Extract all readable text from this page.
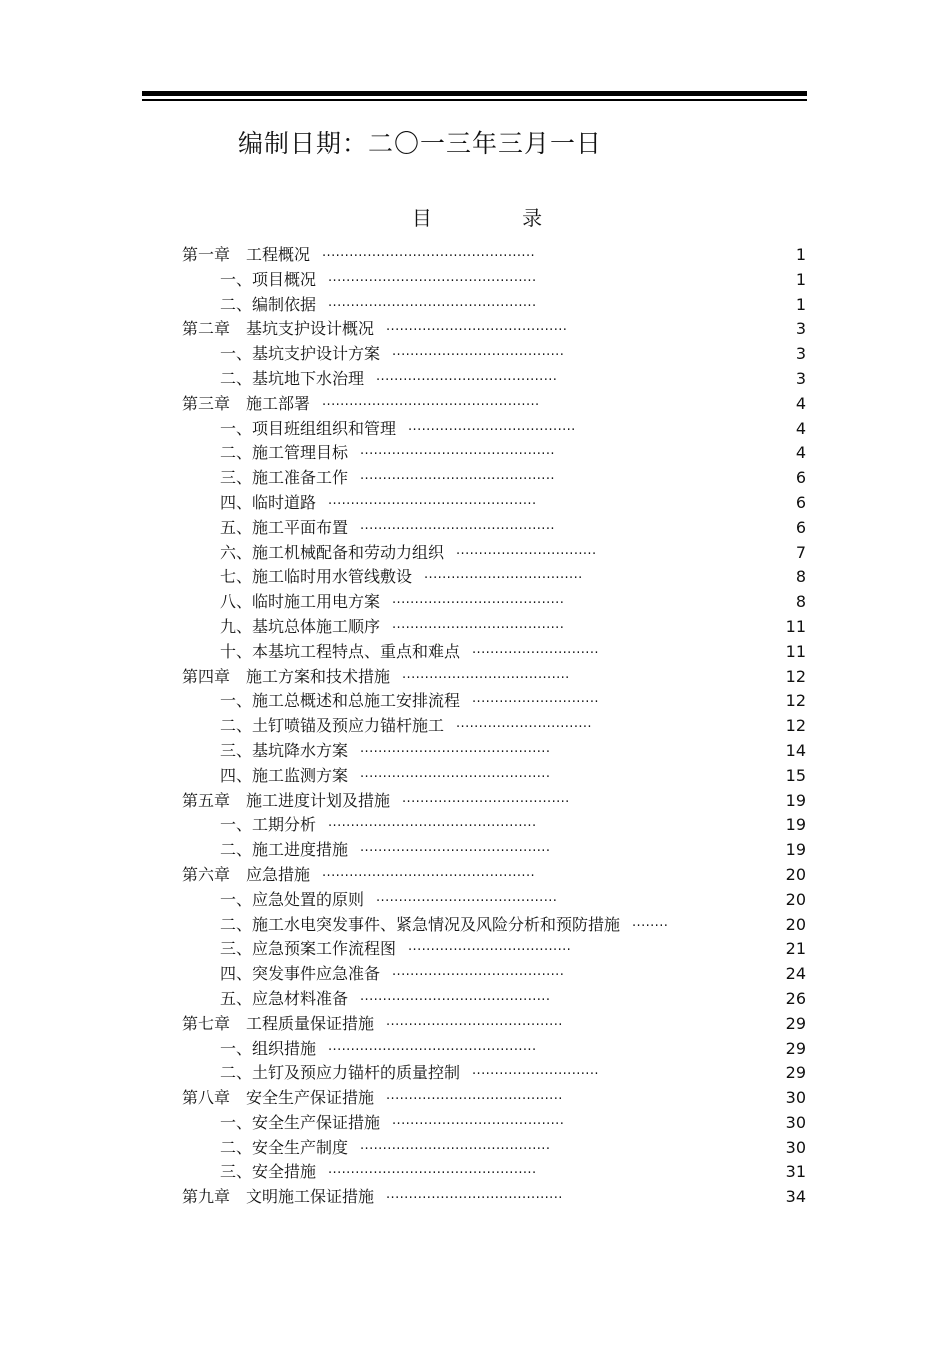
编制日期：二〇一三年三月一日
目 录
第一章　工程概况 ...............................................	1
一、项目概况 ..............................................	1
二、编制依据 ..............................................	1
第二章　基坑支护设计概况 ........................................	3
一、基坑支护设计方案 ......................................	3
二、基坑地下水治理 ........................................	3
第三章　施工部署 ................................................	4
一、项目班组组织和管理 .....................................	4
二、施工管理目标 ...........................................	4
三、施工准备工作 ...........................................	6
四、临时道路 ..............................................	6
五、施工平面布置 ...........................................	6
六、施工机械配备和劳动力组织 ...............................	7
七、施工临时用水管线敷设 ...................................	8
八、临时施工用电方案 ......................................	8
九、基坑总体施工顺序 ......................................	11
十、本基坑工程特点、重点和难点 ............................	11
第四章　施工方案和技术措施 .....................................	12
一、施工总概述和总施工安排流程 ............................	12
二、土钉喷锚及预应力锚杆施工 ..............................	12
三、基坑降水方案 ..........................................	14
四、施工监测方案 ..........................................	15
第五章　施工进度计划及措施 .....................................	19
一、工期分析 ..............................................	19
二、施工进度措施 ..........................................	19
第六章　应急措施 ...............................................	20
一、应急处置的原则 ........................................	20
二、施工水电突发事件、紧急情况及风险分析和预防措施 ........	20
三、应急预案工作流程图 ....................................	21
四、突发事件应急准备 ......................................	24
五、应急材料准备 ..........................................	26
第七章　工程质量保证措施 .......................................	29
一、组织措施 ..............................................	29
二、土钉及预应力锚杆的质量控制 ............................	29
第八章　安全生产保证措施 .......................................	30
一、安全生产保证措施 ......................................	30
二、安全生产制度 ..........................................	30
三、安全措施 ..............................................	31
第九章　文明施工保证措施 .......................................	34
